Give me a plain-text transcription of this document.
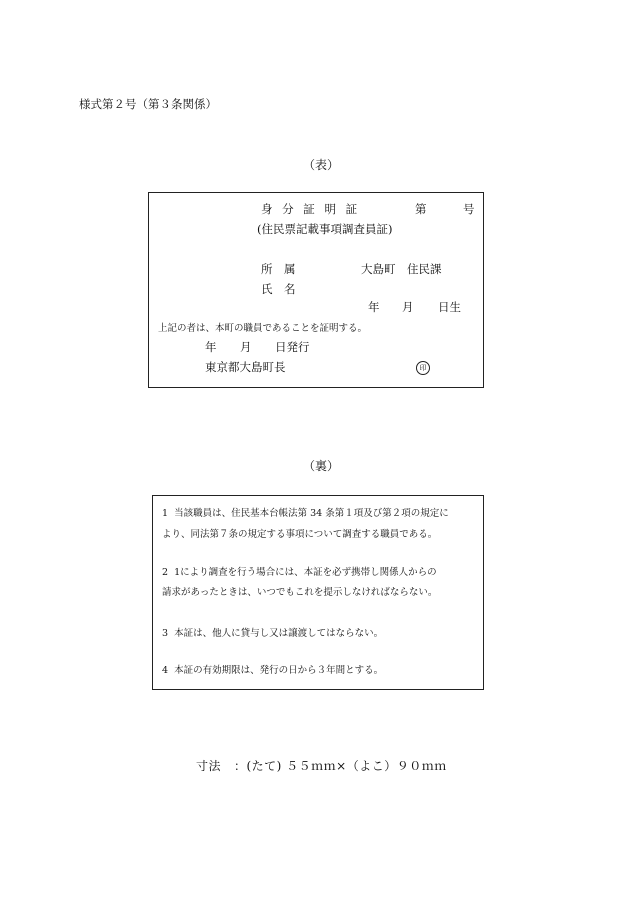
様式第２号（第３条関係）
（表）
身 分 証 明 証	第	号
(住民票記載事項調査員証)
所　属	大島町　住民課
氏　名
年 月 日生
上記の者は、本町の職員であることを証明する。
年 月 日発行
東京都大島町長	印
（裏）
1 当該職員は、住民基本台帳法第 34 条第１項及び第２項の規定に
より、同法第７条の規定する事項について調査する職員である。
2 1により調査を行う場合には、本証を必ず携帯し関係人からの
請求があったときは、いつでもこれを提示しなければならない。
3 本証は、他人に貸与し又は譲渡してはならない。
4 本証の有効期限は、発行の日から３年間とする。
寸法 ：(たて) ５５ｍｍ×（よこ）９０ｍｍ
